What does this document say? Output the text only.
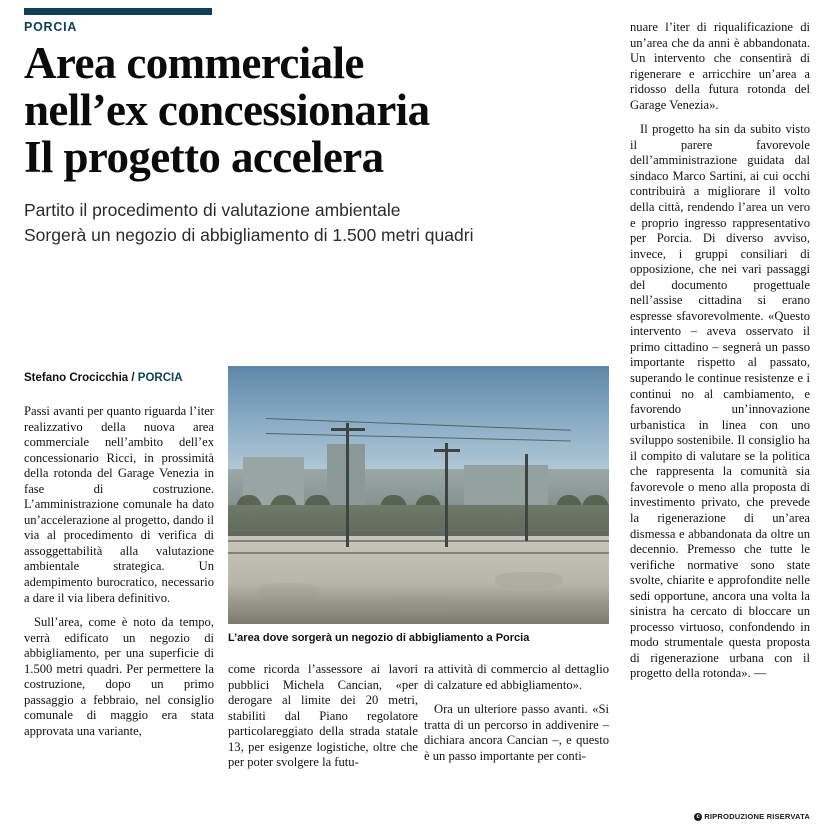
PORCIA
Area commerciale
nell’ex concessionaria
Il progetto accelera
Partito il procedimento di valutazione ambientale
Sorgerà un negozio di abbigliamento di 1.500 metri quadri
Stefano Crocicchia / PORCIA
L’area dove sorgerà un negozio di abbigliamento a Porcia

Passi avanti per quanto riguarda l’iter realizzativo della nuova area commerciale nell’ambito dell’ex concessionario Ricci, in prossimità della rotonda del Garage Venezia in fase di costruzione. L’amministrazione comunale ha dato un’accelerazione al progetto, dando il via al procedimento di verifica di assoggettabilità alla valutazione ambientale strategica. Un adempimento burocratico, necessario a dare il via libera definitivo.

Sull’area, come è noto da tempo, verrà edificato un negozio di abbigliamento, per una superficie di 1.500 metri quadri. Per permettere la costruzione, dopo un primo passaggio a febbraio, nel consiglio comunale di maggio era stata approvata una variante,

come ricorda l’assessore ai lavori pubblici Michela Cancian, «per derogare al limite dei 20 metri, stabiliti dal Piano regolatore particolareggiato della strada statale 13, per esigenze logistiche, oltre che per poter svolgere la futu-

ra attività di commercio al dettaglio di calzature ed abbigliamento».

Ora un ulteriore passo avanti. «Si tratta di un percorso in addivenire – dichiara ancora Cancian –, e questo è un passo importante per conti-

nuare l’iter di riqualificazione di un’area che da anni è abbandonata. Un intervento che consentirà di rigenerare e arricchire un’area a ridosso della futura rotonda del Garage Venezia».

Il progetto ha sin da subito visto il parere favorevole dell’amministrazione guidata dal sindaco Marco Sartini, ai cui occhi contribuirà a migliorare il volto della città, rendendo l’area un vero e proprio ingresso rappresentativo per Porcia. Di diverso avviso, invece, i gruppi consiliari di opposizione, che nei vari passaggi del documento progettuale nell’assise cittadina si erano espresse sfavorevolmente. «Questo intervento – aveva osservato il primo cittadino – segnerà un passo importante rispetto al passato, superando le continue resistenze e i continui no al cambiamento, e favorendo un’innovazione urbanistica in linea con uno sviluppo sostenibile. Il consiglio ha il compito di valutare se la politica che rappresenta la comunità sia favorevole o meno alla proposta di investimento privato, che prevede la rigenerazione di un’area dismessa e abbandonata da oltre un decennio. Premesso che tutte le verifiche normative sono state svolte, chiarite e approfondite nelle sedi opportune, ancora una volta la sinistra ha cercato di bloccare un processo virtuoso, confondendo in modo strumentale questa proposta di rigenerazione urbana con il progetto della rotonda». —

c RIPRODUZIONE RISERVATA
